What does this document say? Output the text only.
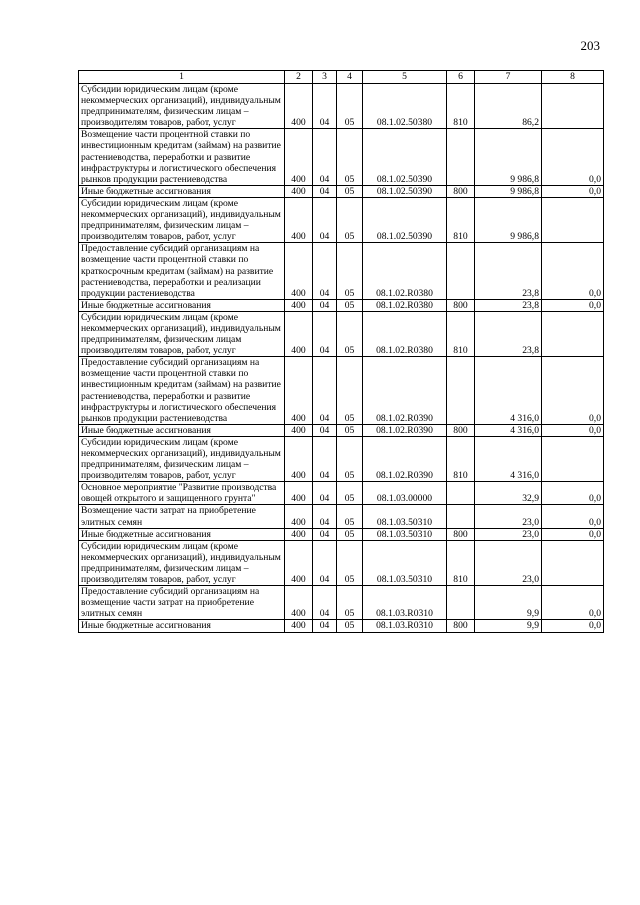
203
1	2	3	4	5	6	7	8
Субсидии юридическим лицам (кроме некоммерческих организаций), индивидуальным предпринимателям, физическим лицам – производителям товаров, работ, услуг	400	04	05	08.1.02.50380	810	86,2	
Возмещение части процентной ставки по инвестиционным кредитам (займам) на развитие растениеводства, переработки и развитие инфраструктуры и логистического обеспечения рынков продукции растениеводства	400	04	05	08.1.02.50390		9 986,8	0,0
Иные бюджетные ассигнования	400	04	05	08.1.02.50390	800	9 986,8	0,0
Субсидии юридическим лицам (кроме некоммерческих организаций), индивидуальным предпринимателям, физическим лицам – производителям товаров, работ, услуг	400	04	05	08.1.02.50390	810	9 986,8	
Предоставление субсидий организациям на возмещение части процентной ставки по краткосрочным кредитам (займам) на развитие растениеводства, переработки и реализации продукции растениеводства	400	04	05	08.1.02.R0380		23,8	0,0
Иные бюджетные ассигнования	400	04	05	08.1.02.R0380	800	23,8	0,0
Субсидии юридическим лицам (кроме некоммерческих организаций), индивидуальным предпринимателям, физическим лицам производителям товаров, работ, услуг	400	04	05	08.1.02.R0380	810	23,8	
Предоставление субсидий организациям на возмещение части процентной ставки по инвестиционным кредитам (займам) на развитие растениеводства, переработки и развитие инфраструктуры и логистического обеспечения рынков продукции растениеводства	400	04	05	08.1.02.R0390		4 316,0	0,0
Иные бюджетные ассигнования	400	04	05	08.1.02.R0390	800	4 316,0	0,0
Субсидии юридическим лицам (кроме некоммерческих организаций), индивидуальным предпринимателям, физическим лицам – производителям товаров, работ, услуг	400	04	05	08.1.02.R0390	810	4 316,0	
Основное мероприятие "Развитие производства овощей открытого и защищенного грунта"	400	04	05	08.1.03.00000		32,9	0,0
Возмещение части затрат на приобретение элитных семян	400	04	05	08.1.03.50310		23,0	0,0
Иные бюджетные ассигнования	400	04	05	08.1.03.50310	800	23,0	0,0
Субсидии юридическим лицам (кроме некоммерческих организаций), индивидуальным предпринимателям, физическим лицам – производителям товаров, работ, услуг	400	04	05	08.1.03.50310	810	23,0	
Предоставление субсидий организациям на возмещение части затрат на приобретение элитных семян	400	04	05	08.1.03.R0310		9,9	0,0
Иные бюджетные ассигнования	400	04	05	08.1.03.R0310	800	9,9	0,0
